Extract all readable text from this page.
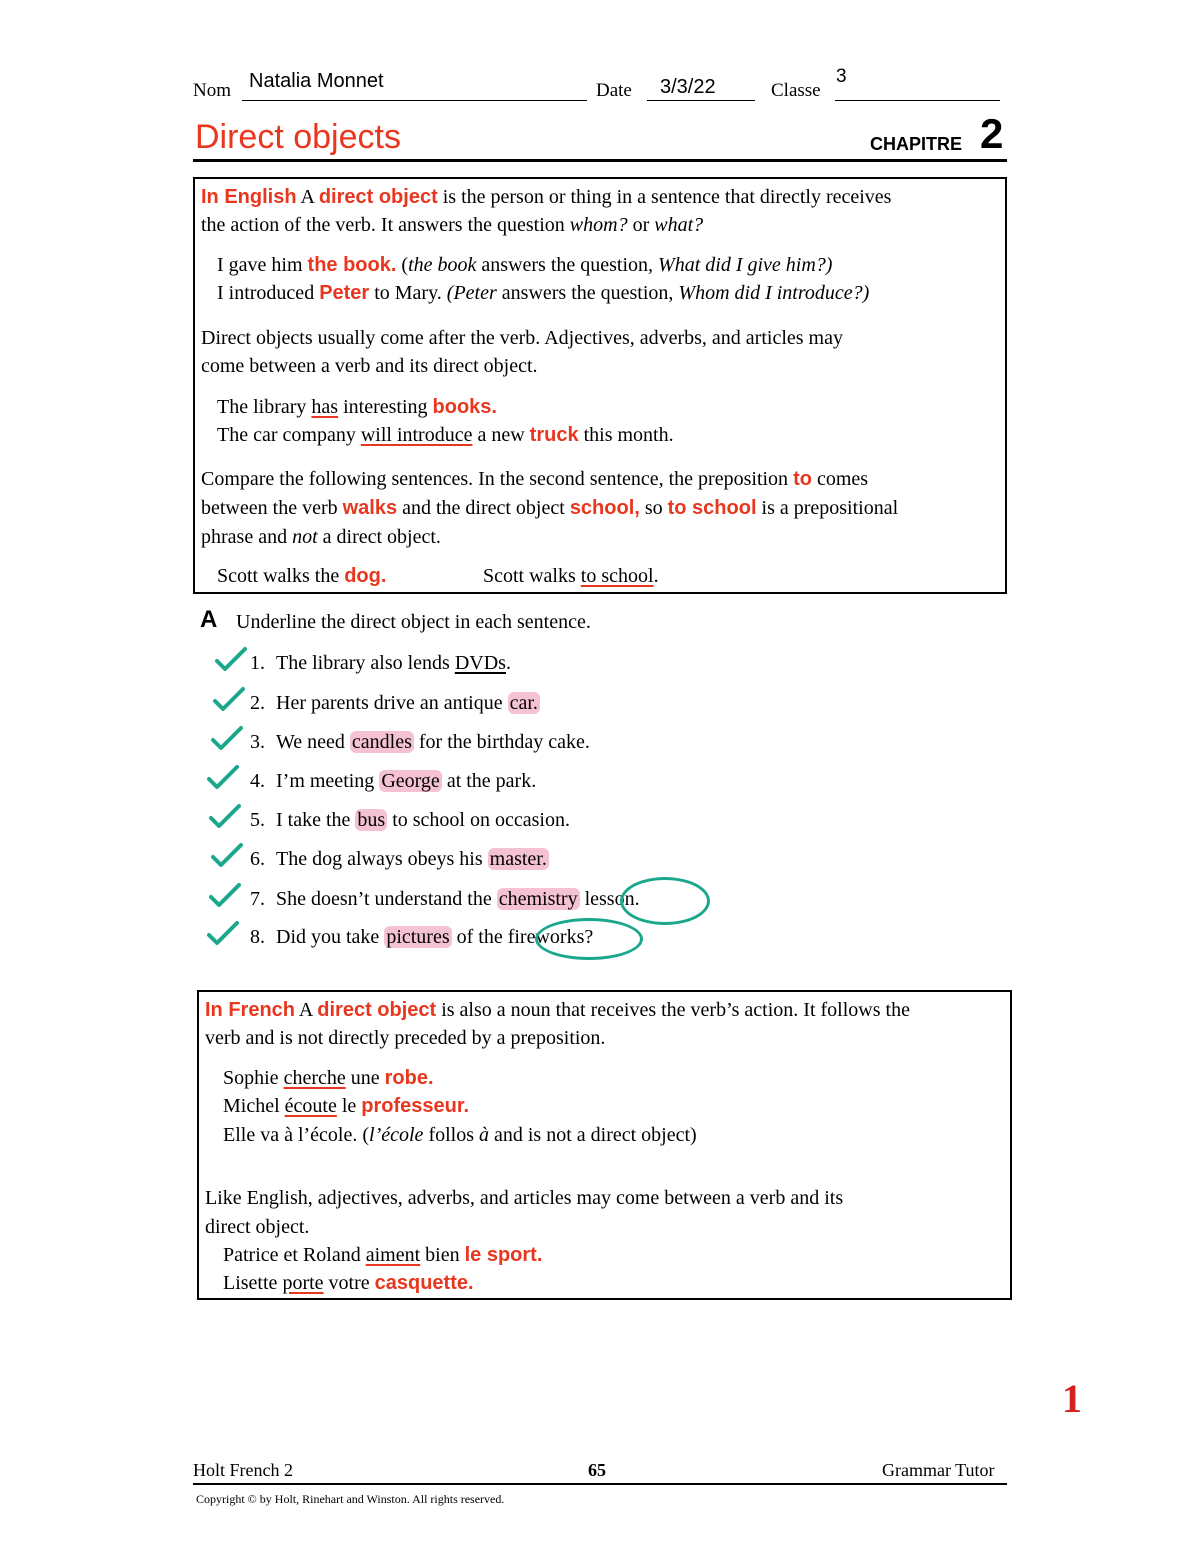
Nom Natalia Monnet	Date 3/3/22	Classe
3
Direct objects	CHAPITRE 2
In English A direct object is the person or thing in a sentence that directly receives
the action of the verb. It answers the question whom? or what?
I gave him the book. (the book answers the question, What did I give him?)
I introduced Peter to Mary. (Peter answers the question, Whom did I introduce?)
Direct objects usually come after the verb. Adjectives, adverbs, and articles may
come between a verb and its direct object.
The library has interesting books.
The car company will introduce a new truck this month.
Compare the following sentences. In the second sentence, the preposition to comes
between the verb walks and the direct object school, so to school is a prepositional
phrase and not a direct object.
Scott walks the dog.	Scott walks to school.
A Underline the direct object in each sentence.
1. The library also lends DVDs.
2. Her parents drive an antique car.
3. We need candles for the birthday cake.
4. I’m meeting George at the park.
5. I take the bus to school on occasion.
6. The dog always obeys his master.
7. She doesn’t understand the chemistry lesson.
8. Did you take pictures of the fireworks?
In French A direct object is also a noun that receives the verb’s action. It follows the
verb and is not directly preceded by a preposition.
Sophie cherche une robe.
Michel écoute le professeur.
Elle va à l’école. (l’école follos à and is not a direct object)
Like English, adjectives, adverbs, and articles may come between a verb and its
direct object.
Patrice et Roland aiment bien le sport.
Lisette porte votre casquette.
1
Holt French 2	65	Grammar Tutor
Copyright © by Holt, Rinehart and Winston. All rights reserved.
